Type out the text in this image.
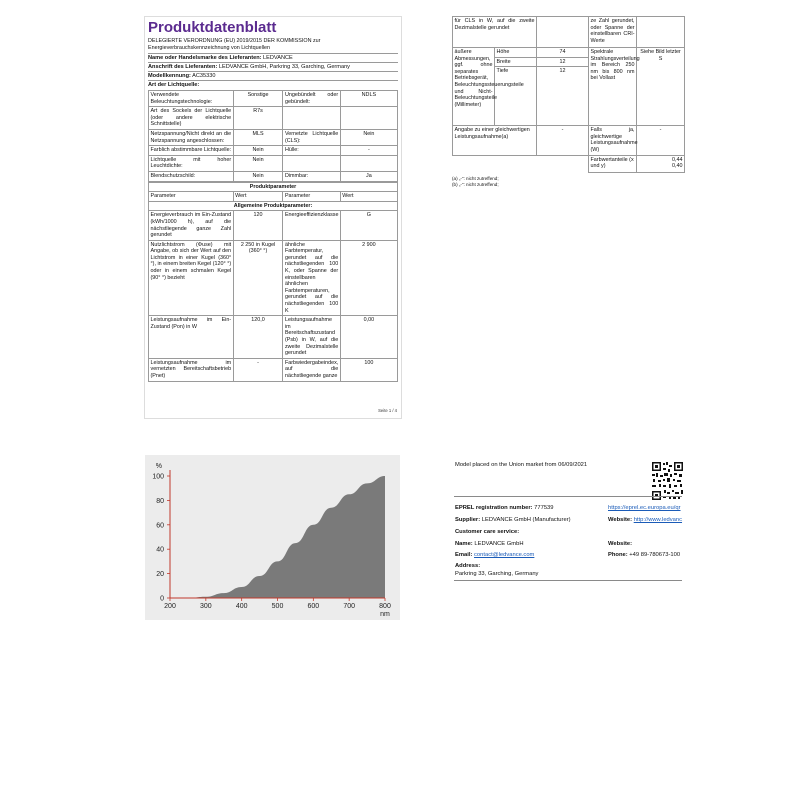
Produktdatenblatt
DELEGIERTE VERORDNUNG (EU) 2019/2015 DER KOMMISSION zur Energieverbrauchskennzeichnung von Lichtquellen
Name oder Handelsmarke des Lieferanten: LEDVANCE
Anschrift des Lieferanten: LEDVANCE GmbH, Parkring 33, Garching, Germany
Modellkennung: AC35330
Art der Lichtquelle:
Verwendete Beleuchtungstechnologie:	Sonstige	Ungebündelt oder gebündelt:	NDLS
Art des Sockels der Lichtquelle (oder andere elektrische Schnittstelle)	R7s		
Netzspannung/Nicht direkt an die Netzspannung angeschlossen:	MLS	Vernetzte Lichtquelle (CLS):	Nein
Farblich abstimmbare Lichtquelle:	Nein	Hülle:	-
Lichtquelle mit hoher Leuchtdichte:	Nein		
Blendschutzschild:	Nein	Dimmbar:	Ja
Produktparameter			
Parameter	Wert	Parameter	Wert
Allgemeine Produktparameter:			
Energieverbrauch im Ein-Zustand (kWh/1000 h), auf die nächstliegende ganze Zahl gerundet	120	Energieeffizienzklasse	G
Nutzlichtstrom (Φuse) mit Angabe, ob sich der Wert auf den Lichtstrom in einer Kugel (360° °), in einem breiten Kegel (120° °) oder in einem schmalen Kegel (90° °) bezieht	2 250 in Kugel (360° °)	ähnliche Farbtemperatur, gerundet auf die nächstliegenden 100 K, oder Spanne der einstellbaren ähnlichen Farbtemperaturen, gerundet auf die nächstliegenden 100 K	2 900
Leistungsaufnahme im Ein-Zustand (Pon) in W	120,0	Leistungsaufnahme im Bereitschaftszustand (Psb) in W, auf die zweite Dezimalstelle gerundet	0,00
Leistungsaufnahme im vernetzten Bereitschaftsbetrieb (Pnet)	-	Farbwiedergabeindex, auf die nächstliegende ganze	100
Seite 1 / 4
für CLS in W, auf die zweite Dezimalstelle gerundet			ze Zahl gerundet, oder Spanne der einstellbaren CRI-Werte	
äußere Abmessungen, ggf. ohne separates Betriebsgerät, Beleuchtungssteuerungsteile und Nicht-Beleuchtungsteile (Millimeter)	Höhe	74	Spektrale Strahlungsverteilung im Bereich 250 nm bis 800 nm bei Vollast	Siehe Bild letzter S
	Breite	12		
	Tiefe	12		
Angabe zu einer gleichwertigen Leistungsaufnahme(a)		-	Falls ja, gleichwertige Leistungsaufnahme (W)	-
			Farbwertanteile (x und y)	0,44
0,40
(a) „-“: nicht zutreffend;
(b) „-“: nicht zutreffend;
0
20
40
60
80
100
200	300	400	500	600	700	800
%
nm
Model placed on the Union market from 06/09/2021
EPREL registration number: 777539	https://eprel.ec.europa.eu/qr
Supplier: LEDVANCE GmbH (Manufacturer)	Website: http://www.ledvanc
Customer care service:
Name: LEDVANCE GmbH	Website:
Email: contact@ledvance.com	Phone: +49 89-780673-100
Address:
Parkring 33, Garching, Germany
